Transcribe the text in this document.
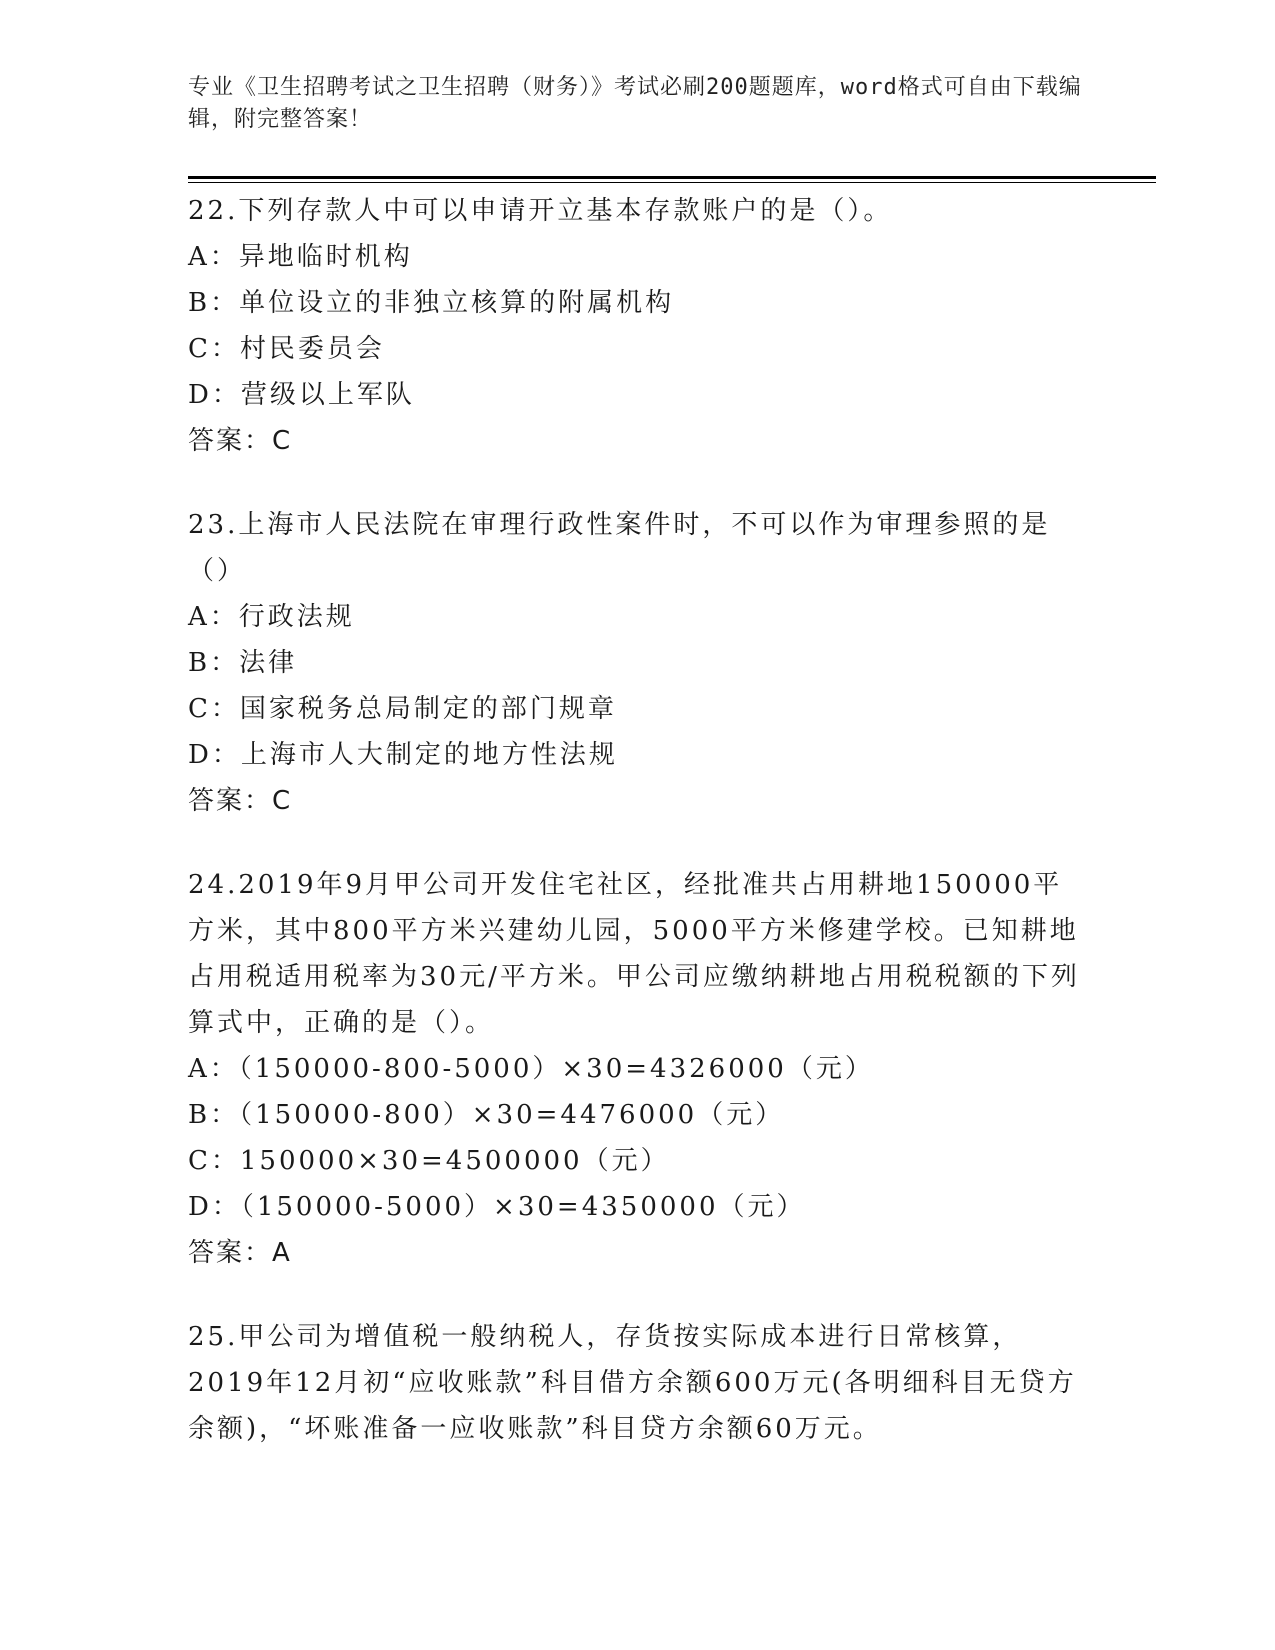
专业《卫生招聘考试之卫生招聘（财务）》考试必刷200题题库，word格式可自由下载编辑，附完整答案！
22.下列存款人中可以申请开立基本存款账户的是（）。
A：异地临时机构
B：单位设立的非独立核算的附属机构
C：村民委员会
D：营级以上军队
答案：C
23.上海市人民法院在审理行政性案件时，不可以作为审理参照的是（）
A：行政法规
B：法律
C：国家税务总局制定的部门规章
D：上海市人大制定的地方性法规
答案：C
24.2019年9月甲公司开发住宅社区，经批准共占用耕地150000平方米，其中800平方米兴建幼儿园，5000平方米修建学校。已知耕地占用税适用税率为30元/平方米。甲公司应缴纳耕地占用税税额的下列算式中，正确的是（）。
A：（150000-800-5000）×30=4326000（元）
B：（150000-800）×30=4476000（元）
C：150000×30=4500000（元）
D：（150000-5000）×30=4350000（元）
答案：A
25.甲公司为增值税一般纳税人，存货按实际成本进行日常核算，2019年12月初“应收账款”科目借方余额600万元(各明细科目无贷方余额)，“坏账准备一应收账款”科目贷方余额60万元。
